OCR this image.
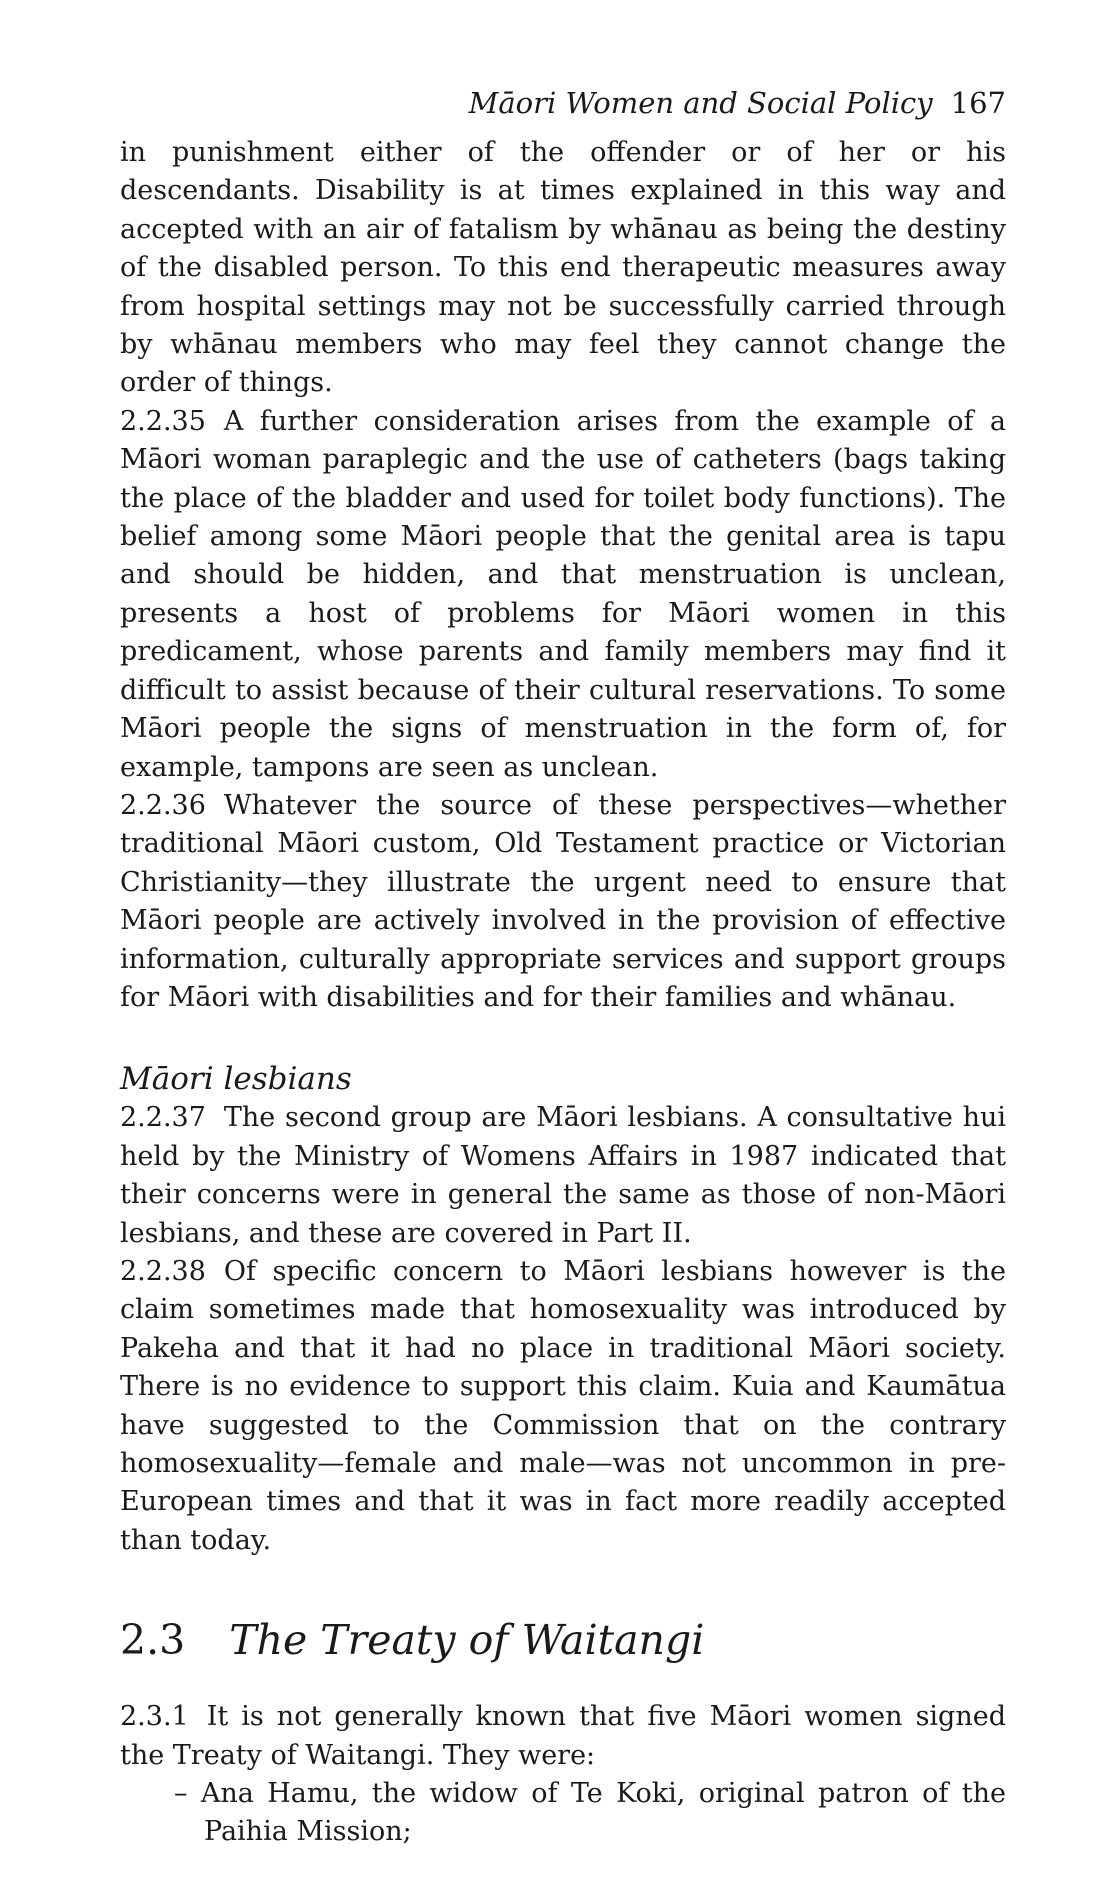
Māori Women and Social Policy 167

in punishment either of the offender or of her or his descendants. Disability is at times explained in this way and accepted with an air of fatalism by whānau as being the destiny of the disabled person. To this end therapeutic measures away from hospital settings may not be successfully carried through by whānau members who may feel they cannot change the order of things.

2.2.35 A further consideration arises from the example of a Māori woman paraplegic and the use of catheters (bags taking the place of the bladder and used for toilet body functions). The belief among some Māori people that the genital area is tapu and should be hidden, and that menstruation is unclean, presents a host of problems for Māori women in this predicament, whose parents and family members may find it difficult to assist because of their cultural reservations. To some Māori people the signs of menstruation in the form of, for example, tampons are seen as unclean.

2.2.36 Whatever the source of these perspectives—whether traditional Māori custom, Old Testament practice or Victorian Christianity—they illustrate the urgent need to ensure that Māori people are actively involved in the provision of effective information, culturally appropriate services and support groups for Māori with disabilities and for their families and whānau.

Māori lesbians

2.2.37 The second group are Māori lesbians. A consultative hui held by the Ministry of Womens Affairs in 1987 indicated that their concerns were in general the same as those of non-Māori lesbians, and these are covered in Part II.

2.2.38 Of specific concern to Māori lesbians however is the claim sometimes made that homosexuality was introduced by Pakeha and that it had no place in traditional Māori society. There is no evidence to support this claim. Kuia and Kaumātua have suggested to the Commission that on the contrary homosexuality—female and male—was not uncommon in pre-European times and that it was in fact more readily accepted than today.

2.3 The Treaty of Waitangi

2.3.1 It is not generally known that five Māori women signed the Treaty of Waitangi. They were:

– Ana Hamu, the widow of Te Koki, original patron of the Paihia Mission;
